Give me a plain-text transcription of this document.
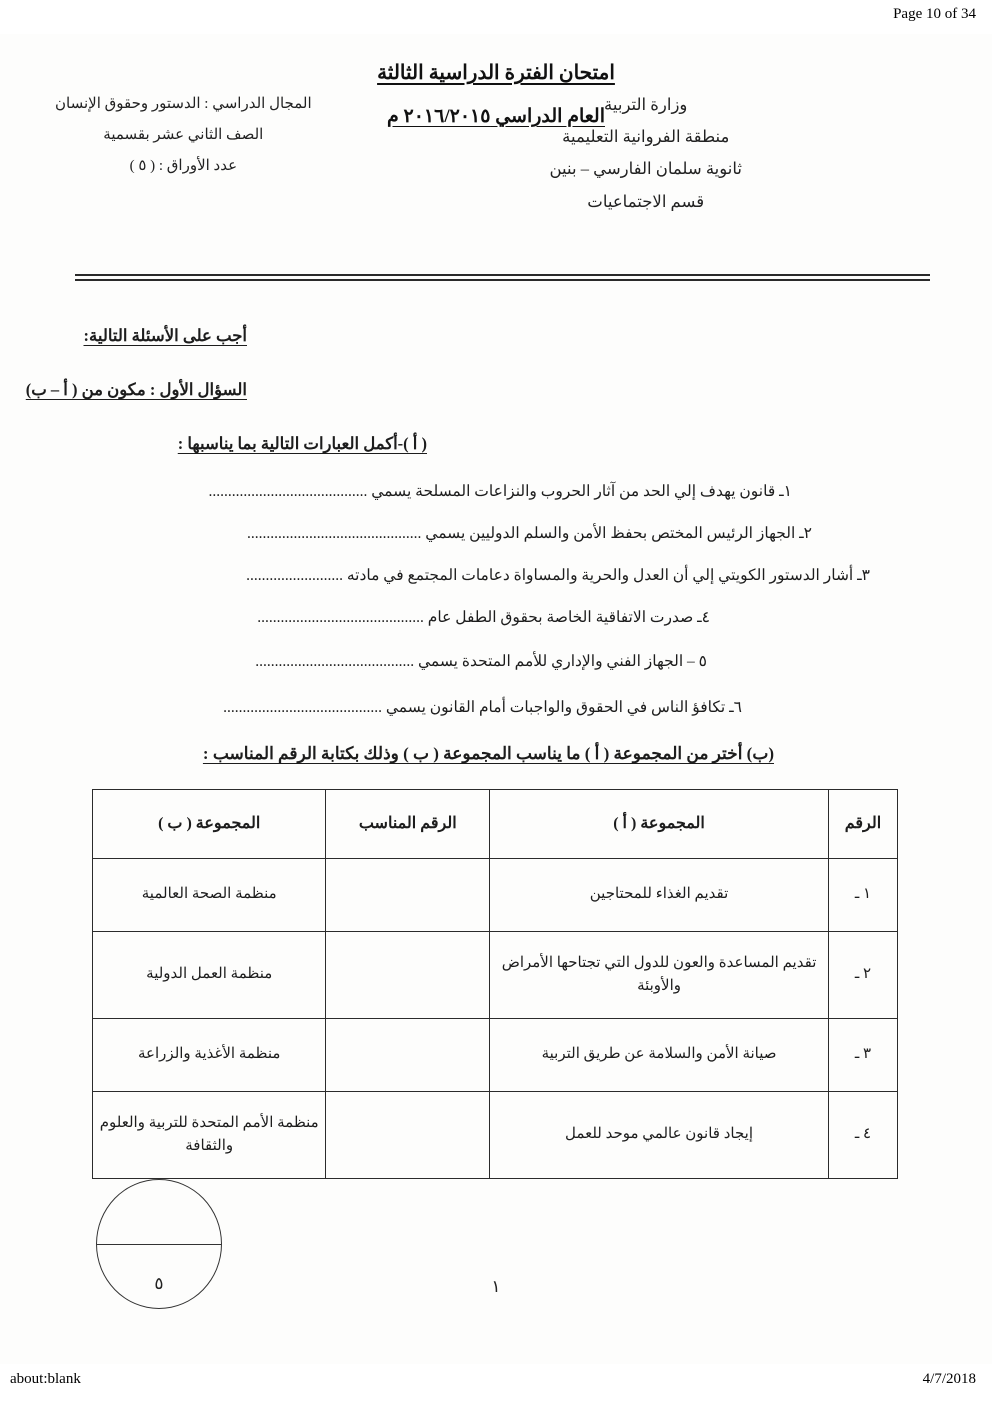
Page 10 of 34
امتحان الفترة الدراسية الثالثة
العام الدراسي ٢٠١٦/٢٠١٥ م
وزارة التربية
منطقة الفروانية التعليمية
ثانوية سلمان الفارسي – بنين
قسم الاجتماعيات
المجال الدراسي : الدستور وحقوق الإنسان
الصف الثاني عشر بقسمية
عدد الأوراق : ( ٥ )
أجب على الأسئلة التالية:
السؤال الأول : مكون من ( أ – ب)
( أ )-أكمل العبارات التالية بما يناسبها :
١ـ قانون يهدف إلي الحد من آثار الحروب والنزاعات المسلحة يسمي .........................................
٢ـ الجهاز الرئيس المختص بحفظ الأمن والسلم الدوليين يسمي .............................................
٣ـ أشار الدستور الكويتي إلي أن العدل والحرية والمساواة دعامات المجتمع في مادته .........................
٤ـ صدرت الاتفاقية الخاصة بحقوق الطفل عام ...........................................
٥ – الجهاز الفني والإداري للأمم المتحدة يسمي .........................................
٦ـ تكافؤ الناس في الحقوق والواجبات أمام القانون يسمي .........................................
(ب) أختر من المجموعة ( أ ) ما يناسب المجموعة ( ب ) وذلك بكتابة الرقم المناسب :
الرقم	المجموعة ( أ )	الرقم المناسب	المجموعة ( ب )
١ ـ	تقديم الغذاء للمحتاجين		منظمة الصحة العالمية
٢ ـ	تقديم المساعدة والعون للدول التي تجتاحها الأمراض والأوبئة		منظمة العمل الدولية
٣ ـ	صيانة الأمن والسلامة عن طريق التربية		منظمة الأغذية والزراعة
٤ ـ	إيجاد قانون عالمي موحد للعمل		منظمة الأمم المتحدة للتربية والعلوم والثقافة
٥	١
about:blank	4/7/2018
